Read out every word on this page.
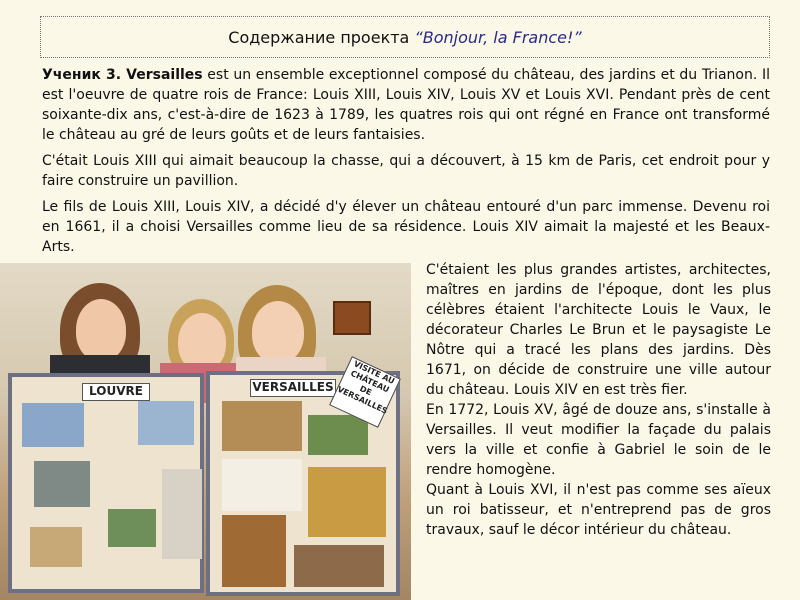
Содержание проекта “Bonjour, la France!”

Ученик 3. Versailles est un ensemble exceptionnel composé du château, des jardins et du Trianon. Il est l'oeuvre de quatre rois de France: Louis XIII, Louis XIV, Louis XV et Louis XVI. Pendant près de cent soixante-dix ans, c'est-à-dire de 1623 à 1789, les quatres rois qui ont régné en France ont transformé le château au gré de leurs goûts et de leurs fantaisies.

C'était Louis XIII qui aimait beaucoup la chasse, qui a découvert, à 15 km de Paris, cet endroit pour y faire construire un pavillion.

Le fils de Louis XIII, Louis XIV, a décidé d'y élever un château entouré d'un parc immense. Devenu roi en 1661, il a choisi Versailles comme lieu de sa résidence. Louis XIV aimait la majesté et les Beaux-Arts.

LOUVRE	VERSAILLES
VISITE AU CHÂTEAU DE VERSAILLES

C'étaient les plus grandes artistes, architectes, maîtres en jardins de l'époque, dont les plus célèbres étaient l'architecte Louis le Vaux, le décorateur Charles Le Brun et le paysagiste Le Nôtre qui a tracé les plans des jardins. Dès 1671, on décide de construire une ville autour du château. Louis XIV en est très fier.

En 1772, Louis XV, âgé de douze ans, s'installe à Versailles. Il veut modifier la façade du palais vers la ville et confie à Gabriel le soin de le rendre homogène.

Quant à Louis XVI, il n'est pas comme ses aïeux un roi batisseur, et n'entreprend pas de gros travaux, sauf le décor intérieur du château.
